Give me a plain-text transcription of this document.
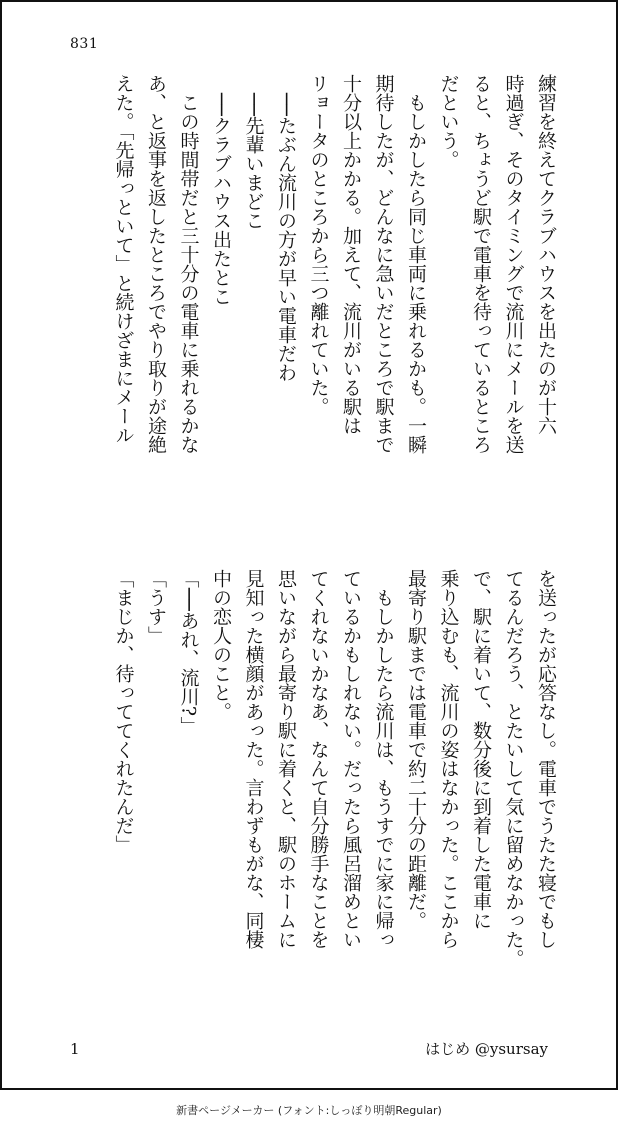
831

練習を終えてクラブハウスを出たのが十六

時過ぎ、そのタイミングで流川にメールを送

ると、ちょうど駅で電車を待っているところ

だという。

　もしかしたら同じ車両に乗れるかも。一瞬

期待したが、どんなに急いだところで駅まで

十分以上かかる。加えて、流川がいる駅は

リョータのところから三つ離れていた。

　──たぶん流川の方が早い電車だわ

　──先輩いまどこ

　──クラブハウス出たとこ

　この時間帯だと三十分の電車に乗れるかな

あ、と返事を返したところでやり取りが途絶

えた。「先帰っといて」と続けざまにメール

を送ったが応答なし。電車でうたた寝でもし

てるんだろう、とたいして気に留めなかった。

で、駅に着いて、数分後に到着した電車に

乗り込むも、流川の姿はなかった。ここから

最寄り駅までは電車で約二十分の距離だ。

　もしかしたら流川は、もうすでに家に帰っ

ているかもしれない。だったら風呂溜めとい

てくれないかなあ、なんて自分勝手なことを

思いながら最寄り駅に着くと、駅のホームに

見知った横顔があった。言わずもがな、同棲

中の恋人のこと。

「──あれ、流川?」

「うす」

「まじか、待っててくれたんだ」

1	はじめ @ysursay
新書ページメーカー (フォント:しっぽり明朝Regular)
